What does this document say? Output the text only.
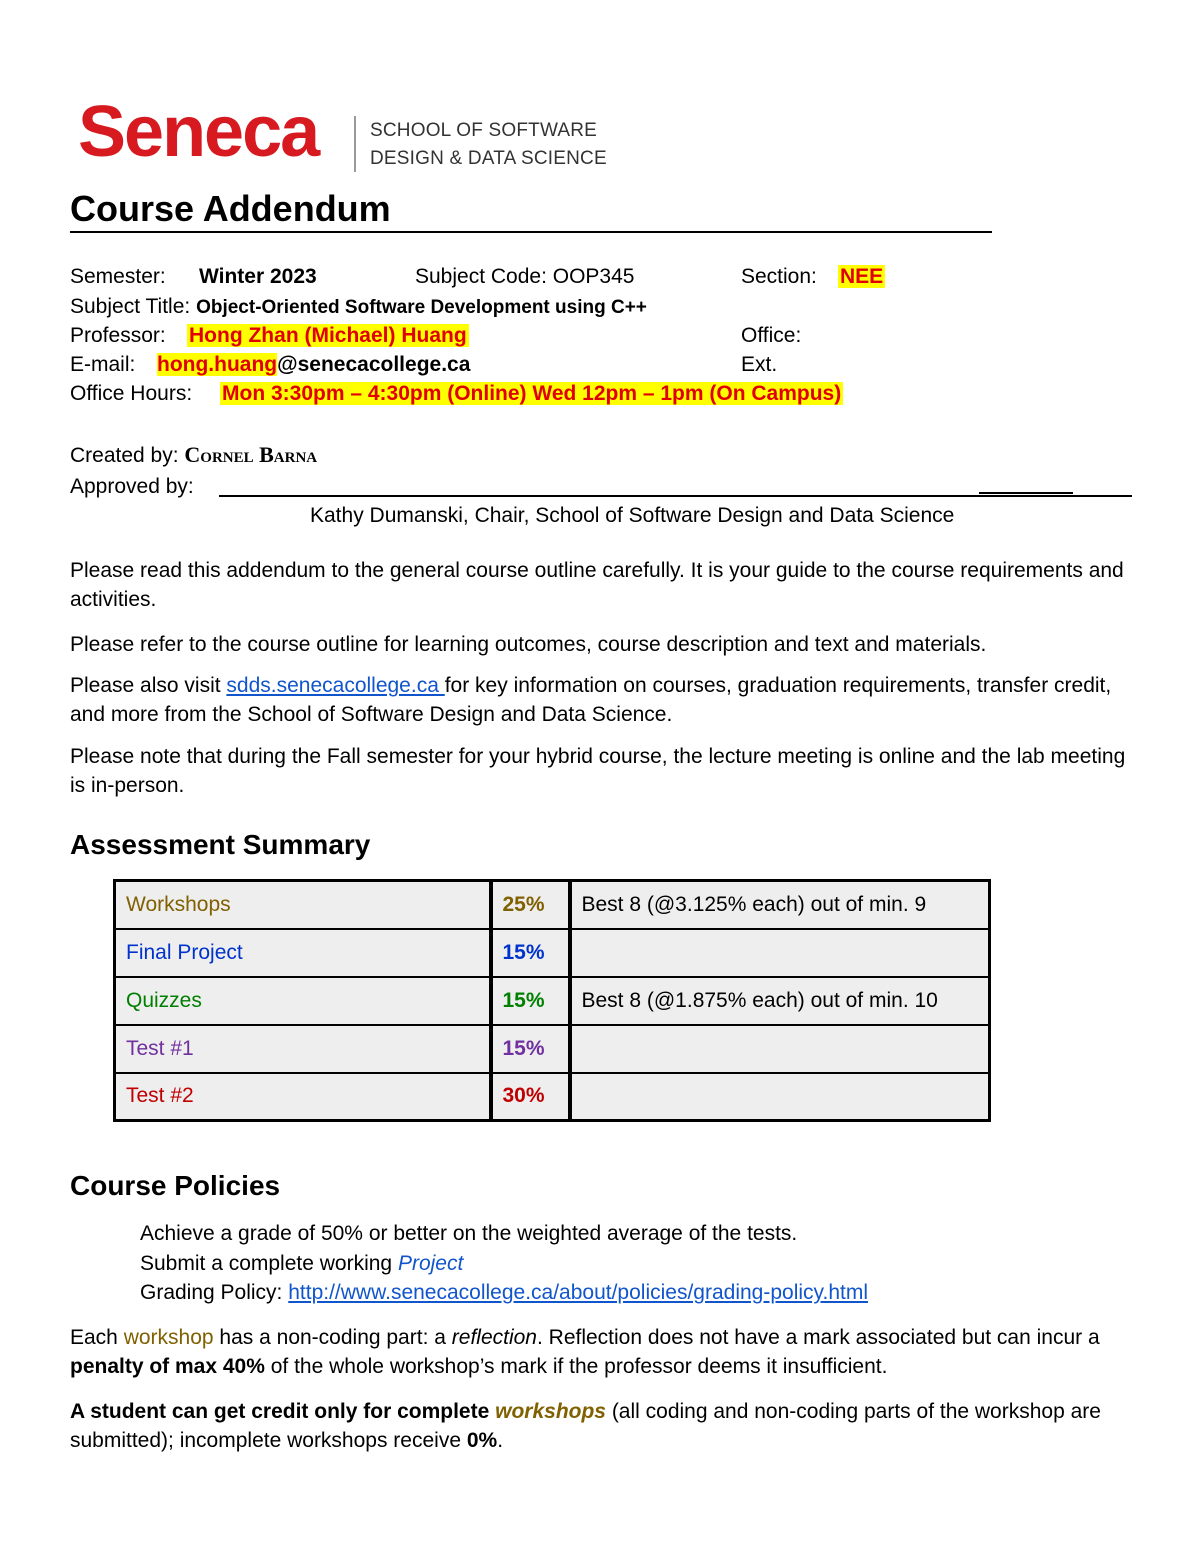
Seneca	SCHOOL OF SOFTWARE
DESIGN & DATA SCIENCE
Course Addendum
Semester: Winter 2023	Subject Code: OOP345	Section: NEE
Subject Title: Object-Oriented Software Development using C++
Professor: Hong Zhan (Michael) Huang	Office:
E-mail: hong.huang@senecacollege.ca	Ext.
Office Hours: Mon 3:30pm – 4:30pm (Online) Wed 12pm – 1pm (On Campus)
Created by: Cornel Barna
Approved by:
Kathy Dumanski, Chair, School of Software Design and Data Science
Please read this addendum to the general course outline carefully. It is your guide to the course requirements and activities.
Please refer to the course outline for learning outcomes, course description and text and materials.
Please also visit sdds.senecacollege.ca for key information on courses, graduation requirements, transfer credit, and more from the School of Software Design and Data Science.
Please note that during the Fall semester for your hybrid course, the lecture meeting is online and the lab meeting is in-person.
Assessment Summary
Workshops	25%	Best 8 (@3.125% each) out of min. 9
Final Project	15%	
Quizzes	15%	Best 8 (@1.875% each) out of min. 10
Test #1	15%	
Test #2	30%	
Course Policies
Achieve a grade of 50% or better on the weighted average of the tests.
Submit a complete working Project
Grading Policy: http://www.senecacollege.ca/about/policies/grading-policy.html
Each workshop has a non-coding part: a reflection. Reflection does not have a mark associated but can incur a penalty of max 40% of the whole workshop’s mark if the professor deems it insufficient.
A student can get credit only for complete workshops (all coding and non-coding parts of the workshop are submitted); incomplete workshops receive 0%.
